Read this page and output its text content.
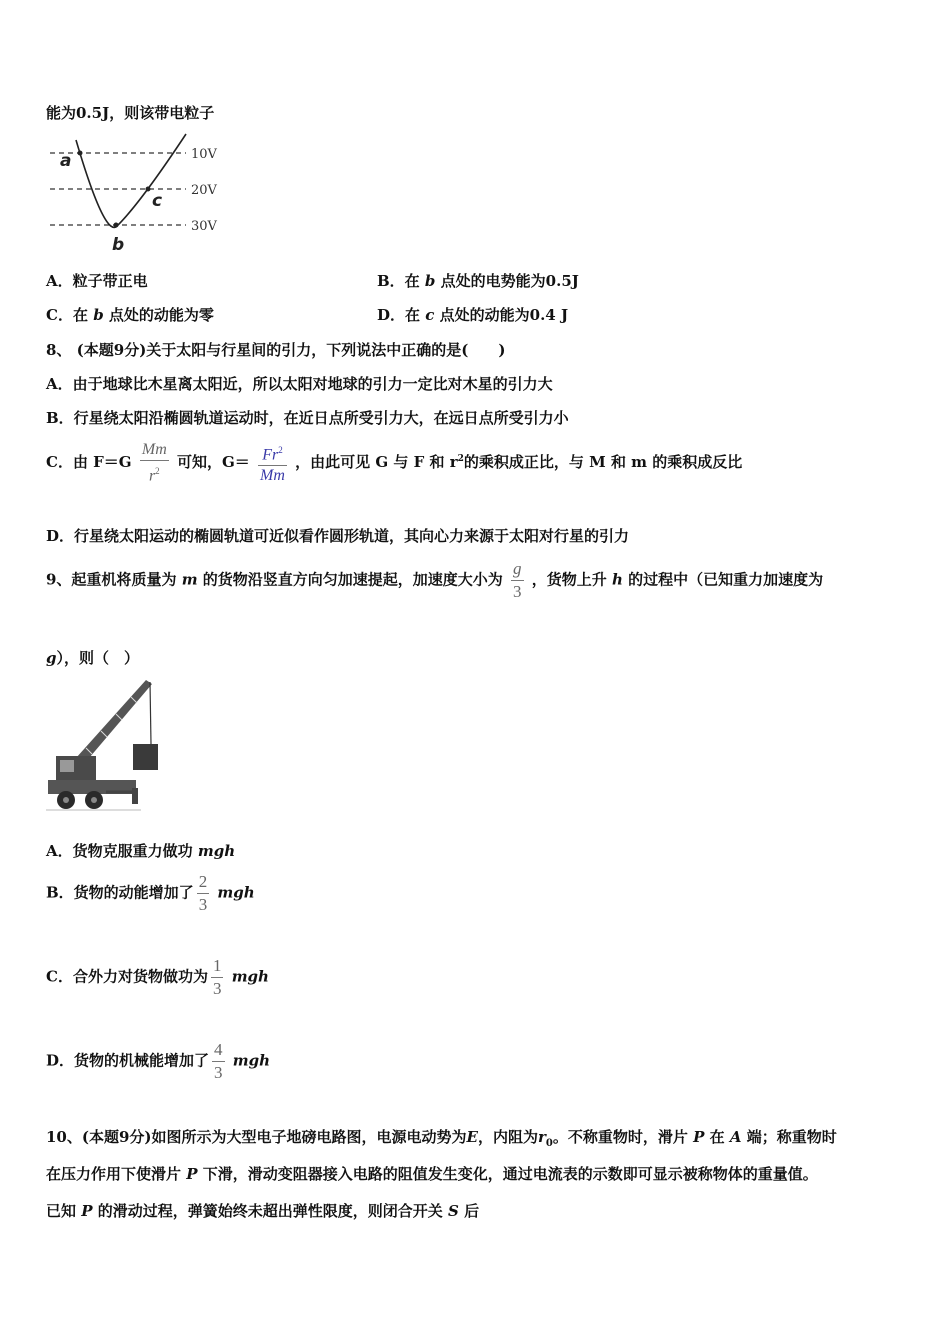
能为0.5J，则该带电粒子
a
b
c
10V
20V
30V
A．粒子带正电	B．在 b 点处的电势能为0.5J
C．在 b 点处的动能为零	D．在 c 点处的动能为0.4 J
8、 (本题9分)关于太阳与行星间的引力，下列说法中正确的是(　　)
A．由于地球比木星离太阳近，所以太阳对地球的引力一定比对木星的引力大
B．行星绕太阳沿椭圆轨道运动时，在近日点所受引力大，在远日点所受引力小
C．由 $F=G \frac{Mm}{r^2}$ 可知，$G= \frac{Fr^2}{Mm}$ ，由此可见 G 与 F 和 $r^2$的乘积成正比，与 M 和 m 的乘积成反比
D．行星绕太阳运动的椭圆轨道可近似看作圆形轨道，其向心力来源于太阳对行星的引力
9、起重机将质量为 m 的货物沿竖直方向匀加速提起，加速度大小为 $\frac{g}{3}$ ，货物上升 h 的过程中（已知重力加速度为
g），则（　）
A．货物克服重力做功 mgh
B．货物的动能增加了 $\frac{2}{3}$ mgh
C．合外力对货物做功为 $\frac{1}{3}$ mgh
D．货物的机械能增加了 $\frac{4}{3}$ mgh
10、(本题9分)如图所示为大型电子地磅电路图，电源电动势为E，内阻为$r_0$。不称重物时，滑片 P 在 A 端；称重物时
在压力作用下使滑片 P 下滑，滑动变阻器接入电路的阻值发生变化，通过电流表的示数即可显示被称物体的重量值。
已知 P 的滑动过程，弹簧始终未超出弹性限度，则闭合开关 S 后
